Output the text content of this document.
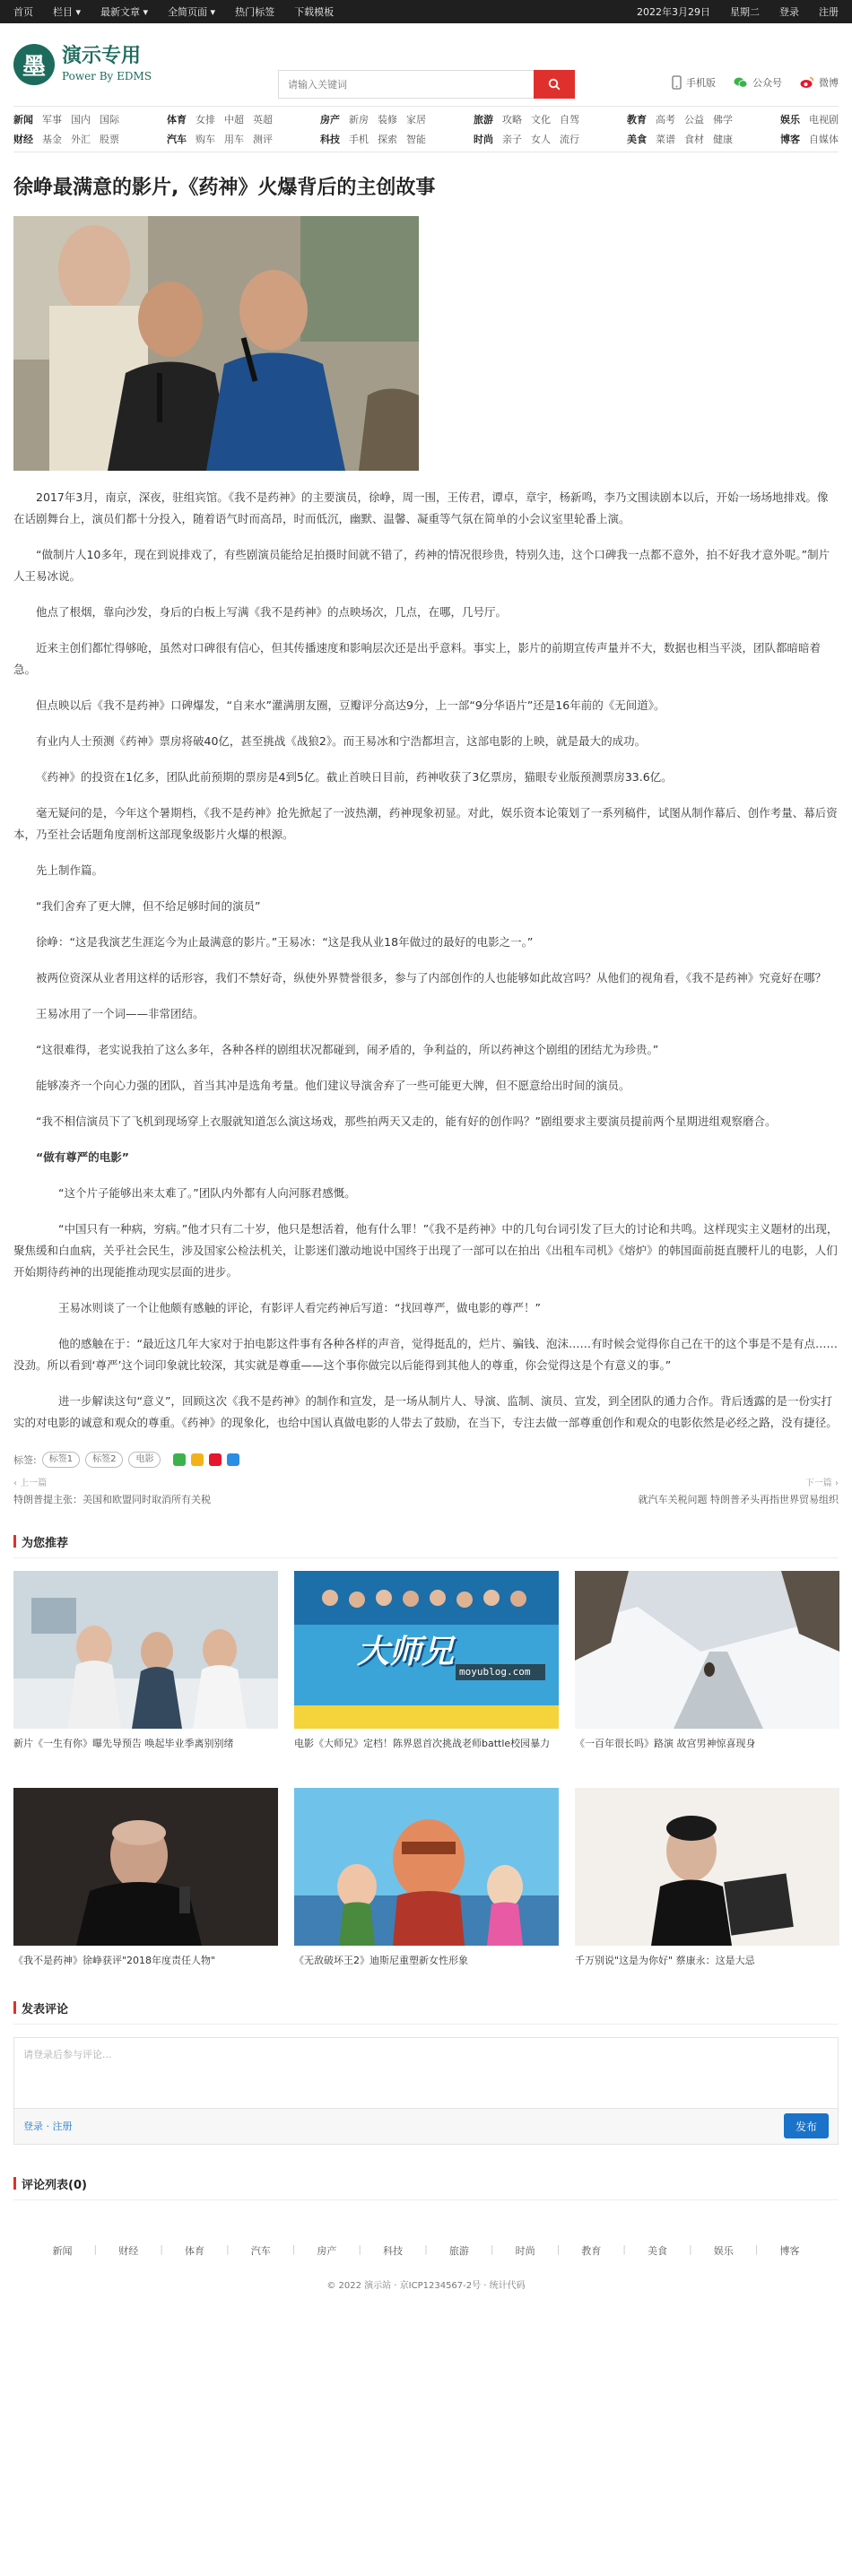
首页 栏目 ▾ 最新文章 ▾ 全简页面 ▾ 热门标签 下载模板	2022年3月29日 星期二 登录 注册
墨 演示专用
Power By EDMS
请输入关键词
手机版	公众号	微博
新闻 军事 国内 国际
财经 基金 外汇 股票
体育 女排 中超 英超
汽车 购车 用车 测评
房产 新房 装修 家居
科技 手机 探索 智能
旅游 攻略 文化 自驾
时尚 亲子 女人 流行
教育 高考 公益 佛学
美食 菜谱 食材 健康
娱乐 电视剧
博客 自媒体
徐峥最满意的影片,《药神》火爆背后的主创故事

2017年3月，南京，深夜，驻组宾馆。《我不是药神》的主要演员，徐峥，周一围，王传君，谭卓，章宇，杨新鸣，李乃文围读剧本以后，开始一场场地排戏。像在话剧舞台上，演员们都十分投入，随着语气时而高昂，时而低沉，幽默、温馨、凝重等气氛在简单的小会议室里轮番上演。

“做制片人10多年，现在到说排戏了，有些剧演员能给足拍摄时间就不错了，药神的情况很珍贵，特别久违，这个口碑我一点都不意外，拍不好我才意外呢。”制片人王易冰说。

他点了根烟，靠向沙发，身后的白板上写满《我不是药神》的点映场次，几点，在哪，几号厅。

近来主创们都忙得够呛，虽然对口碑很有信心，但其传播速度和影响层次还是出乎意料。事实上，影片的前期宣传声量并不大，数据也相当平淡，团队都暗暗着急。

但点映以后《我不是药神》口碑爆发，“自来水”灌满朋友圈，豆瓣评分高达9分，上一部“9分华语片”还是16年前的《无间道》。

有业内人士预测《药神》票房将破40亿，甚至挑战《战狼2》。而王易冰和宁浩都坦言，这部电影的上映，就是最大的成功。

《药神》的投资在1亿多，团队此前预期的票房是4到5亿。截止首映日目前，药神收获了3亿票房，猫眼专业版预测票房33.6亿。

毫无疑问的是，今年这个暑期档，《我不是药神》抢先掀起了一波热潮，药神现象初显。对此，娱乐资本论策划了一系列稿件，试图从制作幕后、创作考量、幕后资本，乃至社会话题角度剖析这部现象级影片火爆的根源。

先上制作篇。

“我们舍弃了更大牌，但不给足够时间的演员”

徐峥：“这是我演艺生涯迄今为止最满意的影片。”王易冰：“这是我从业18年做过的最好的电影之一。”

被两位资深从业者用这样的话形容，我们不禁好奇，纵使外界赞誉很多，参与了内部创作的人也能够如此故宫吗？从他们的视角看，《我不是药神》究竟好在哪？

王易冰用了一个词——非常团结。

“这很难得，老实说我拍了这么多年，各种各样的剧组状况都碰到，闹矛盾的，争利益的，所以药神这个剧组的团结尤为珍贵。”

能够凑齐一个向心力强的团队，首当其冲是选角考量。他们建议导演舍弃了一些可能更大牌，但不愿意给出时间的演员。

“我不相信演员下了飞机到现场穿上衣服就知道怎么演这场戏，那些拍两天又走的，能有好的创作吗？”剧组要求主要演员提前两个星期进组观察磨合。

“做有尊严的电影”

“这个片子能够出来太难了。”团队内外都有人向河豚君感慨。

“中国只有一种病，穷病。”他才只有二十岁，他只是想活着，他有什么罪！”《我不是药神》中的几句台词引发了巨大的讨论和共鸣。这样现实主义题材的出现，聚焦缓和白血病，关乎社会民生，涉及国家公检法机关，让影迷们激动地说中国终于出现了一部可以在拍出《出租车司机》《熔炉》的韩国面前挺直腰杆儿的电影，人们开始期待药神的出现能推动现实层面的进步。

王易冰则谈了一个让他颇有感触的评论，有影评人看完药神后写道：“找回尊严，做电影的尊严！”

他的感触在于：“最近这几年大家对于拍电影这件事有各种各样的声音，觉得挺乱的，烂片、骗钱、泡沫……有时候会觉得你自己在干的这个事是不是有点……没劲。所以看到‘尊严’这个词印象就比较深，其实就是尊重——这个事你做完以后能得到其他人的尊重，你会觉得这是个有意义的事。”

进一步解读这句“意义”，回顾这次《我不是药神》的制作和宣发，是一场从制片人、导演、监制、演员、宣发，到全团队的通力合作。背后透露的是一份实打实的对电影的诚意和观众的尊重。《药神》的现象化，也给中国认真做电影的人带去了鼓励，在当下，专注去做一部尊重创作和观众的电影依然是必经之路，没有捷径。

标签:	标签1	标签2	电影
‹ 上一篇
特朗普提主张：美国和欧盟同时取消所有关税
下一篇 ›
就汽车关税问题 特朗普矛头再指世界贸易组织
为您推荐
新片《一生有你》曝先导预告 唤起毕业季离别别绪
大师兄
moyublog.com
电影《大师兄》定档！陈界恩首次挑战老师battle校园暴力	《一百年很长吗》路演 故宫男神惊喜现身
《我不是药神》徐峥获评"2018年度责任人物"	《无敌破坏王2》迪斯尼重塑新女性形象	千万别说"这是为你好" 蔡康永：这是大忌
发表评论
请登录后参与评论...
登录 · 注册	发布
评论列表(0)
新闻 | 财经 | 体育 | 汽车 | 房产 | 科技 | 旅游 | 时尚 | 教育 | 美食 | 娱乐 | 博客
© 2022 演示站 · 京ICP1234567-2号 · 统计代码
